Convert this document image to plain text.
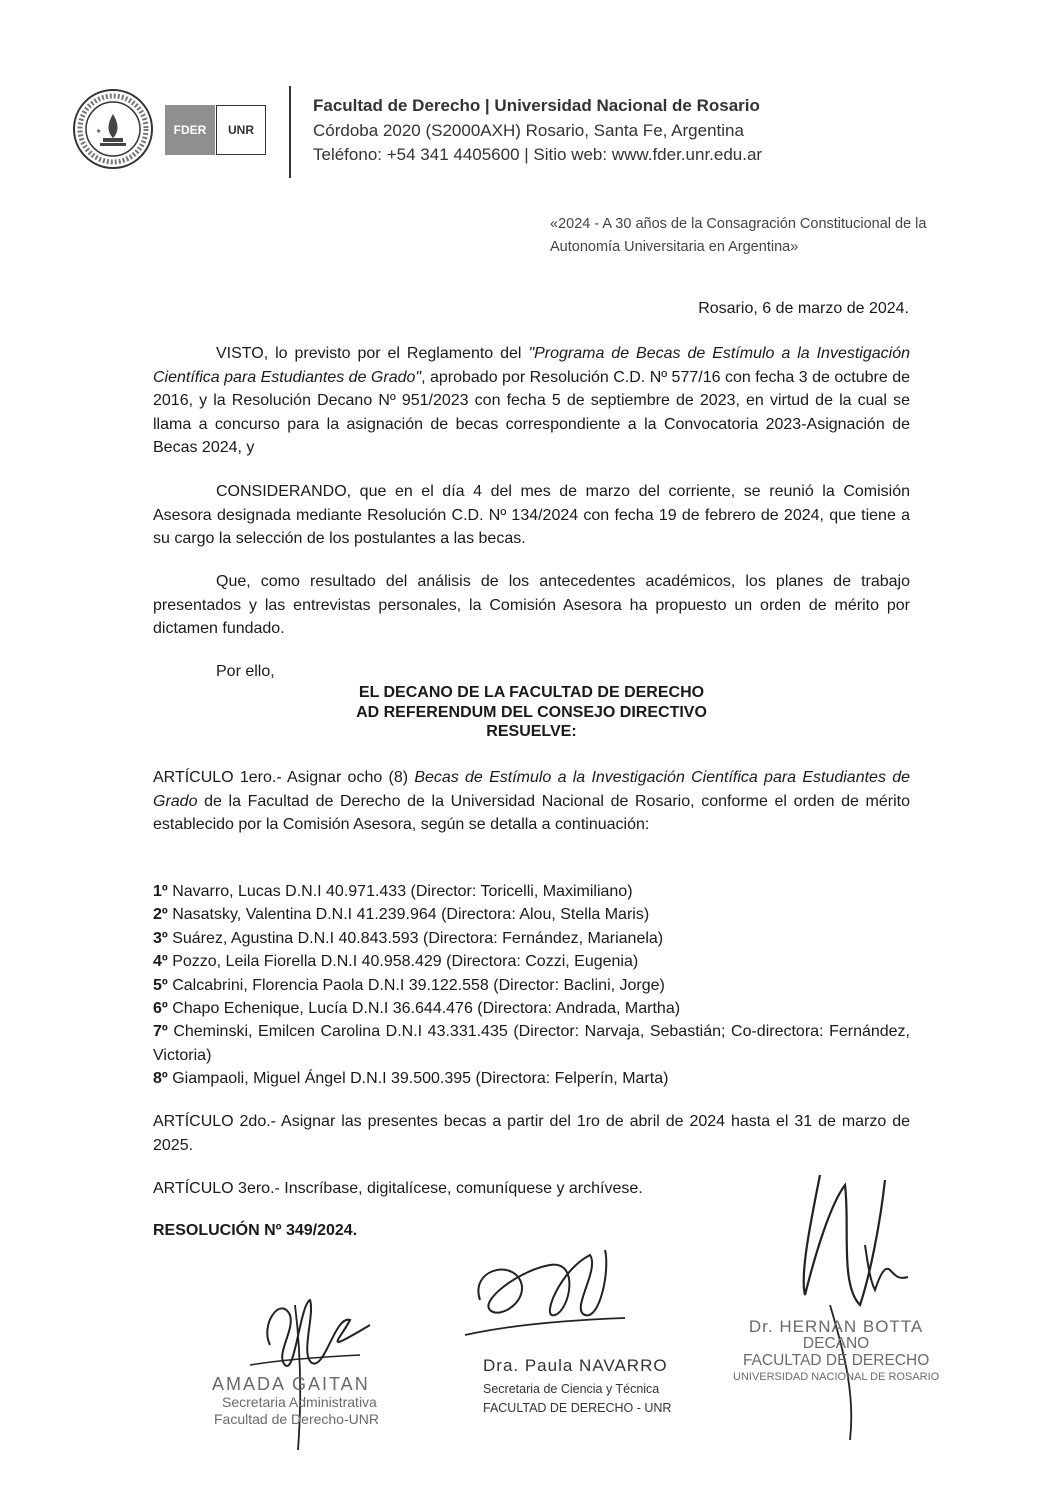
★	FDER	UNR
Facultad de Derecho | Universidad Nacional de Rosario
Córdoba 2020 (S2000AXH) Rosario, Santa Fe, Argentina
Teléfono: +54 341 4405600 | Sitio web: www.fder.unr.edu.ar
«2024 - A 30 años de la Consagración Constitucional de la Autonomía Universitaria en Argentina»
Rosario, 6 de marzo de 2024.
VISTO, lo previsto por el Reglamento del "Programa de Becas de Estímulo a la Investigación Científica para Estudiantes de Grado", aprobado por Resolución C.D. Nº 577/16 con fecha 3 de octubre de 2016, y la Resolución Decano Nº 951/2023 con fecha 5 de septiembre de 2023, en virtud de la cual se llama a concurso para la asignación de becas correspondiente a la Convocatoria 2023-Asignación de Becas 2024, y
CONSIDERANDO, que en el día 4 del mes de marzo del corriente, se reunió la Comisión Asesora designada mediante Resolución C.D. Nº 134/2024 con fecha 19 de febrero de 2024, que tiene a su cargo la selección de los postulantes a las becas.
Que, como resultado del análisis de los antecedentes académicos, los planes de trabajo presentados y las entrevistas personales, la Comisión Asesora ha propuesto un orden de mérito por dictamen fundado.
Por ello,
EL DECANO DE LA FACULTAD DE DERECHO
AD REFERENDUM DEL CONSEJO DIRECTIVO
RESUELVE:
ARTÍCULO 1ero.- Asignar ocho (8) Becas de Estímulo a la Investigación Científica para Estudiantes de Grado de la Facultad de Derecho de la Universidad Nacional de Rosario, conforme el orden de mérito establecido por la Comisión Asesora, según se detalla a continuación:
1º Navarro, Lucas D.N.I 40.971.433 (Director: Toricelli, Maximiliano)
2º Nasatsky, Valentina D.N.I 41.239.964 (Directora: Alou, Stella Maris)
3º Suárez, Agustina D.N.I 40.843.593 (Directora: Fernández, Marianela)
4º Pozzo, Leila Fiorella D.N.I 40.958.429 (Directora: Cozzi, Eugenia)
5º Calcabrini, Florencia Paola D.N.I 39.122.558 (Director: Baclini, Jorge)
6º Chapo Echenique, Lucía D.N.I 36.644.476 (Directora: Andrada, Martha)
7º Cheminski, Emilcen Carolina D.N.I 43.331.435 (Director: Narvaja, Sebastián; Co-directora: Fernández, Victoria)
8º Giampaoli, Miguel Ángel D.N.I 39.500.395 (Directora: Felperín, Marta)
ARTÍCULO 2do.- Asignar las presentes becas a partir del 1ro de abril de 2024 hasta el 31 de marzo de 2025.
ARTÍCULO 3ero.- Inscríbase, digitalícese, comuníquese y archívese.
RESOLUCIÓN Nº 349/2024.
AMADA GAITAN
Secretaria Administrativa
Facultad de Derecho-UNR
Dra. Paula NAVARRO
Secretaria de Ciencia y Técnica
FACULTAD DE DERECHO - UNR
Dr. HERNAN BOTTA
DECANO
FACULTAD DE DERECHO
UNIVERSIDAD NACIONAL DE ROSARIO
